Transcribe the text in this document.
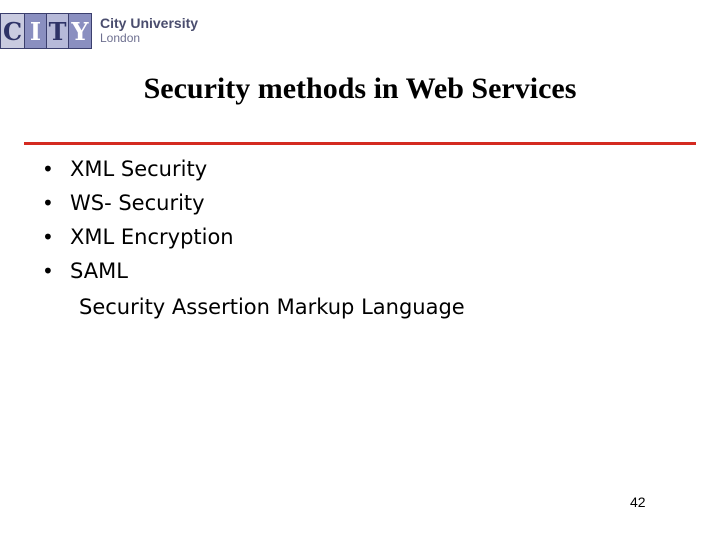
C I T Y City University
London
Security methods in Web Services
• XML Security
• WS- Security
• XML Encryption
• SAML
Security Assertion Markup Language
42
